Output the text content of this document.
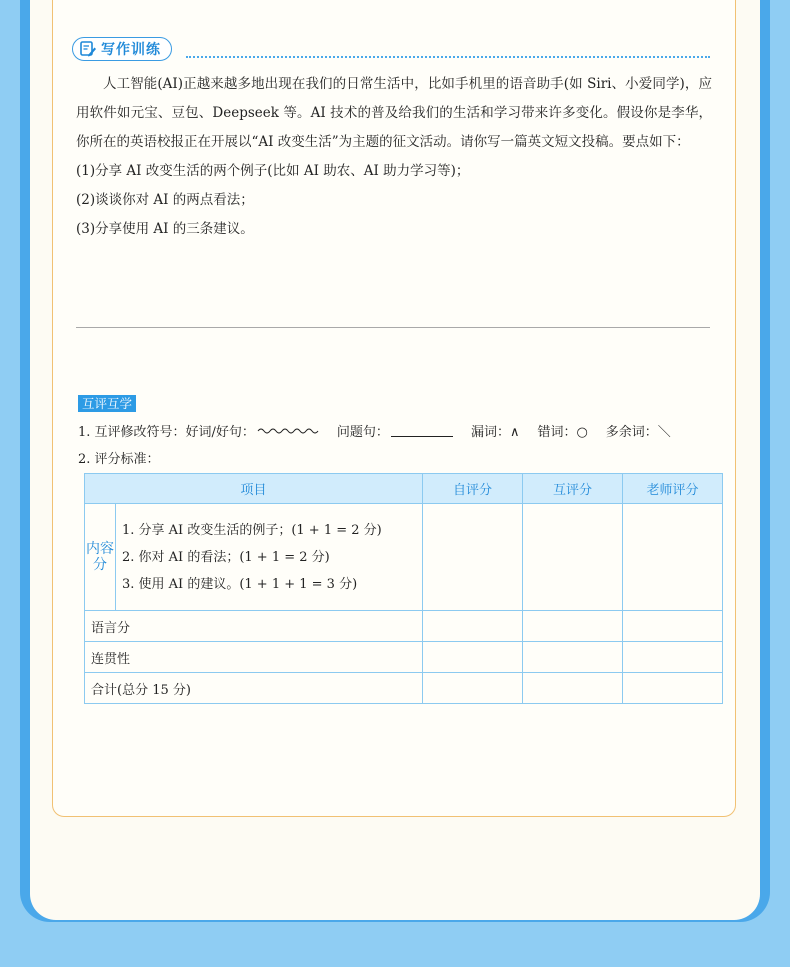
写作训练

人工智能(AI)正越来越多地出现在我们的日常生活中，比如手机里的语音助手(如 Siri、小爱同学)，应用软件如元宝、豆包、Deepseek 等。AI 技术的普及给我们的生活和学习带来许多变化。假设你是李华，你所在的英语校报正在开展以“AI 改变生活”为主题的征文活动。请你写一篇英文短文投稿。要点如下：

(1)分享 AI 改变生活的两个例子(比如 AI 助农、AI 助力学习等)；

(2)谈谈你对 AI 的两点看法；

(3)分享使用 AI 的三条建议。

互评互学
1. 互评修改符号：好词/好句：	问题句：	漏词：∧ 错词：○ 多余词：＼
2. 评分标准：
项目		自评分	互评分	老师评分
内容分	1. 分享 AI 改变生活的例子；(1 + 1 = 2 分)
2. 你对 AI 的看法；(1 + 1 = 2 分)
3. 使用 AI 的建议。(1 + 1 + 1 = 3 分)			

语言分				
连贯性				
合计(总分 15 分)				
